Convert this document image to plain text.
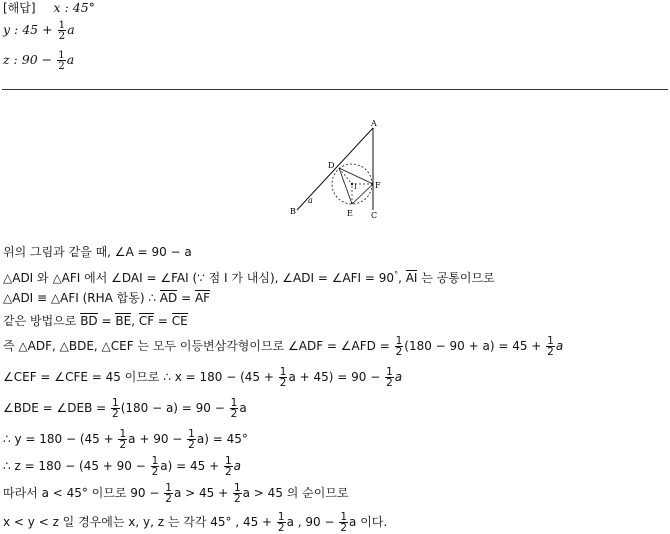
[해답] x : 45°
y : $45 + \frac{1}{2}$ a
z : $90 - \frac{1}{2}$ a
A
B	C
D
E
F
I
a
위의 그림과 같을 때, ∠A = 90 − a
△ADI 와 △AFI 에서 ∠DAI = ∠FAI (∵ 점 I 가 내심), ∠ADI = ∠AFI = 90°, AI 는 공통이므로
△ADI ≡ △AFI (RHA 합동) ∴ AD = AF
같은 방법으로 BD = BE, CF = CE
즉 △ADF, △BDE, △CEF 는 모두 이등변삼각형이므로 ∠ADF = ∠AFD = $\frac{1}{2} (180 - 90 + a) = 45 + \frac{1}{2}$ a
∠CEF = ∠CFE = 45 이므로 ∴ $x = 180 - (45 + \frac{1}{2}$ $a + 45) = 90 - \frac{1}{2}$ a
∠BDE = ∠DEB = $\frac{1}{2} (180 - a) = 90 - \frac{1}{2}$ a
∴ $y = 180 - (45 + \frac{1}{2}$ $a + 90 - \frac{1}{2} a) = 45^\circ$
∴ $z = 180 - (45 + 90 - \frac{1}{2} a) = 45 + \frac{1}{2}$ a
따라서 a < 45° 이므로 $90 - \frac{1}{2}$ $a > 45 + \frac{1}{2}$ a > 45 의 순이므로
x < y < z 일 경우에는 x, y, z 는 각각 45° , $45 + \frac{1}{2}$ a , $90 - \frac{1}{2}$ a 이다.
